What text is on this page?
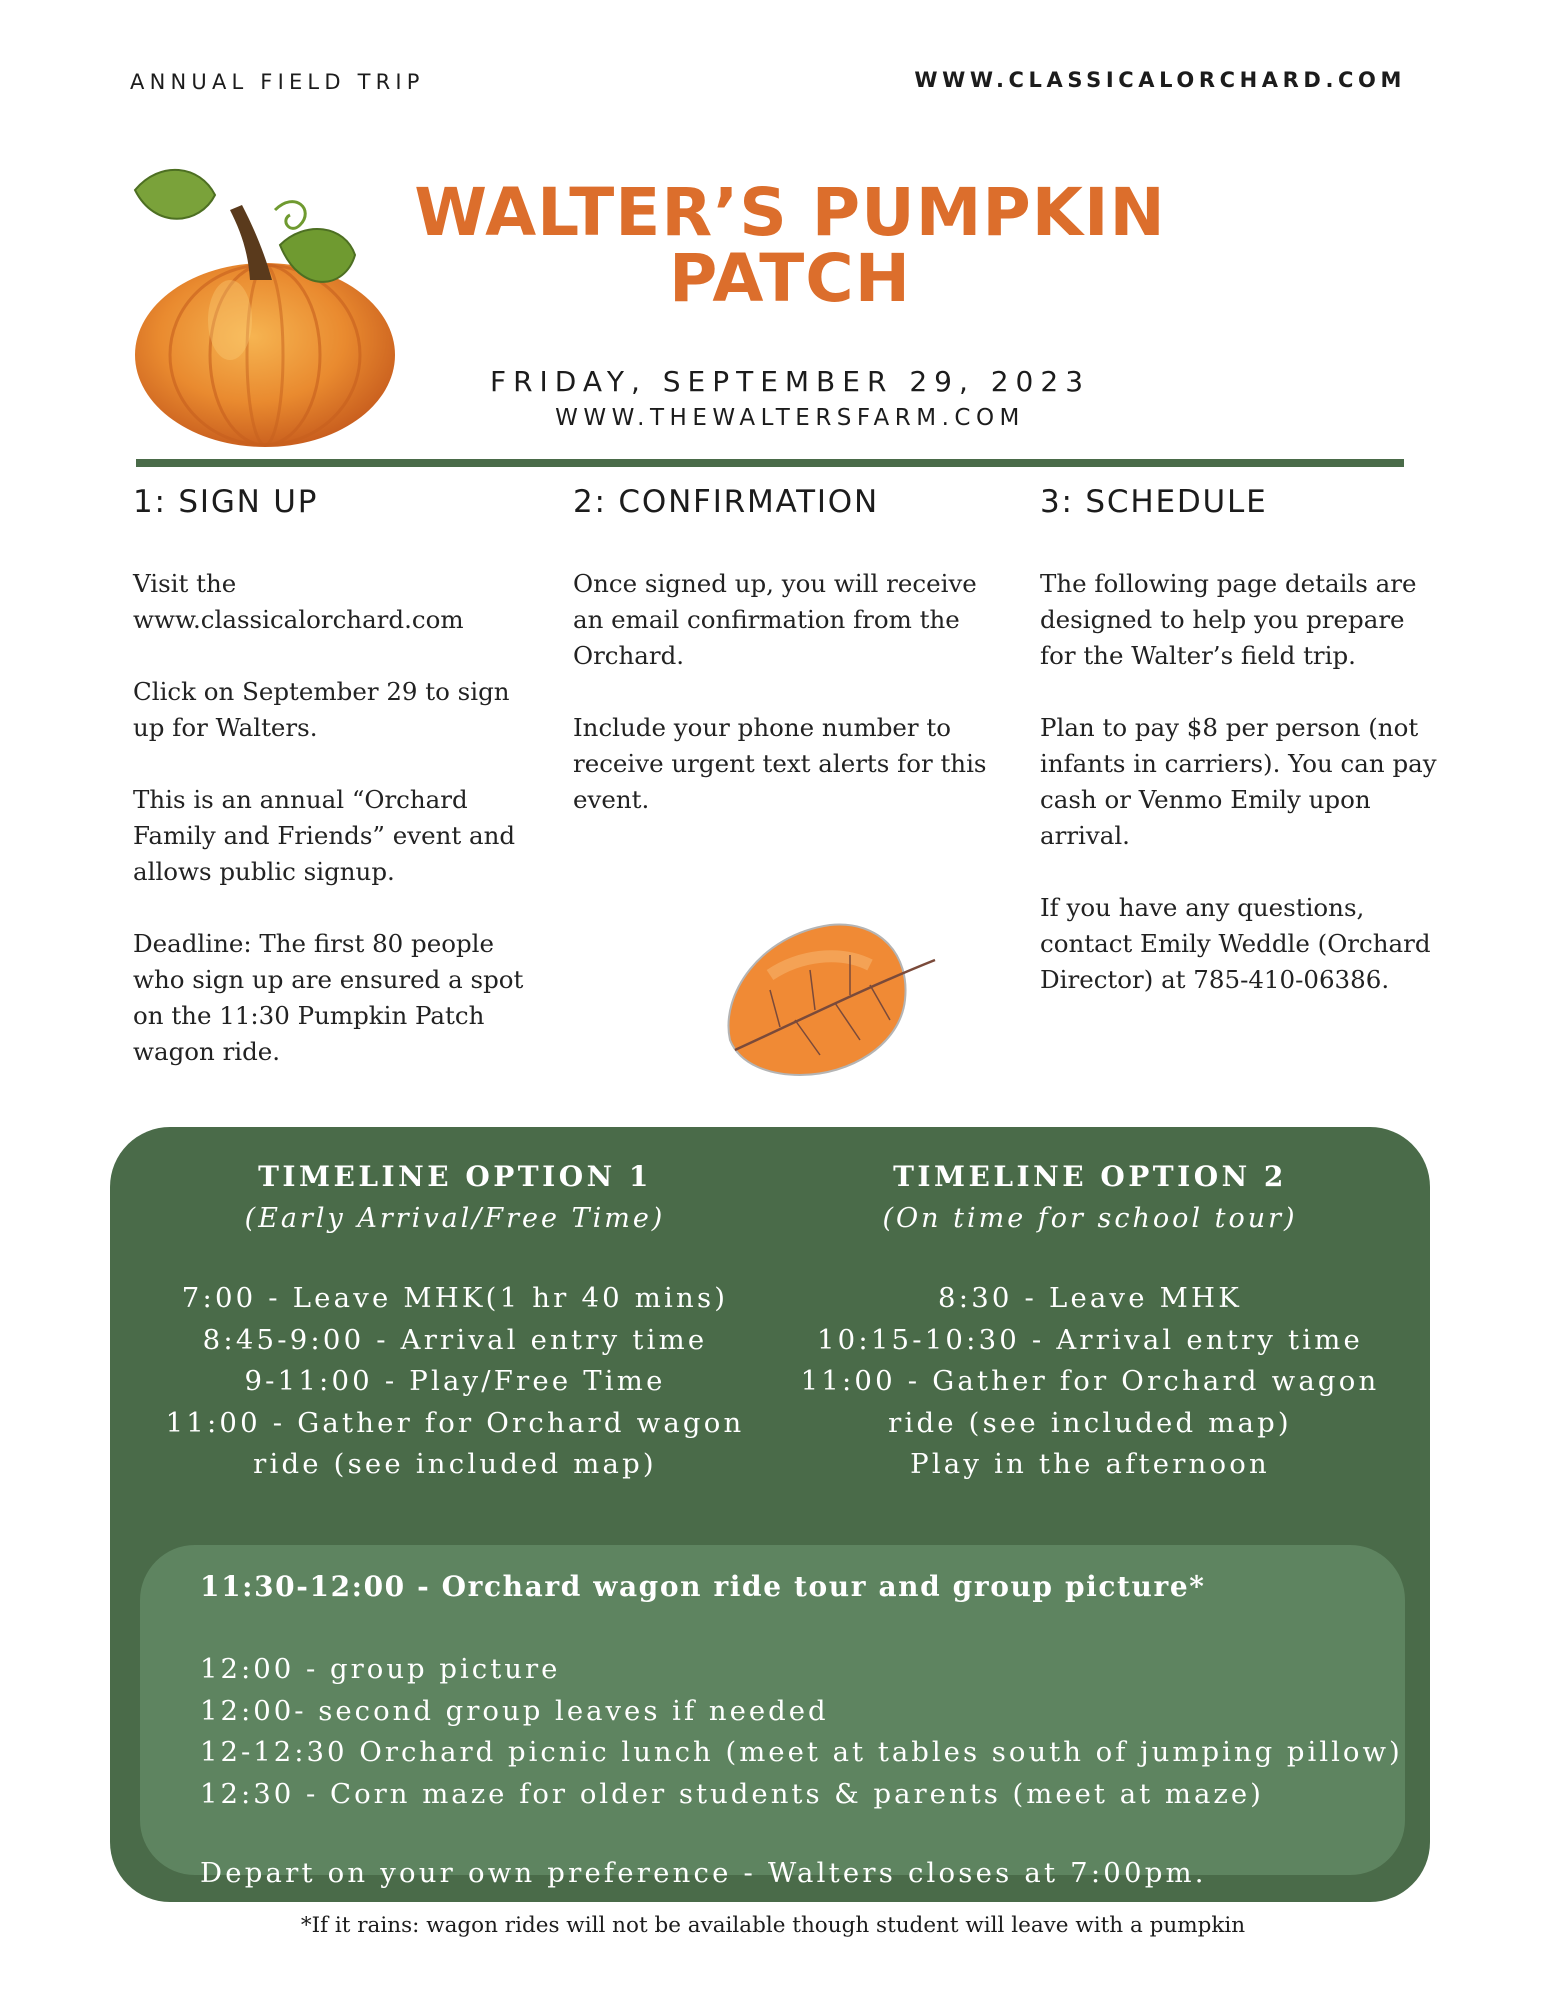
ANNUAL FIELD TRIP	WWW.CLASSICALORCHARD.COM
WALTER’S PUMPKIN
PATCH
FRIDAY, SEPTEMBER 29, 2023
WWW.THEWALTERSFARM.COM
1: SIGN UP	2: CONFIRMATION	3: SCHEDULE

Visit the www.classicalorchard.com

Click on September 29 to sign up for Walters.

This is an annual “Orchard Family and Friends” event and allows public signup.

Deadline: The first 80 people who sign up are ensured a spot on the 11:30 Pumpkin Patch wagon ride.

Once signed up, you will receive an email confirmation from the Orchard.

Include your phone number to receive urgent text alerts for this event.

The following page details are designed to help you prepare for the Walter’s field trip.

Plan to pay $8 per person (not infants in carriers). You can pay cash or Venmo Emily upon arrival.

If you have any questions, contact Emily Weddle (Orchard Director) at 785-410-06386.

TIMELINE OPTION 1
(Early Arrival/Free Time)
7:00 - Leave MHK(1 hr 40 mins)
8:45-9:00 - Arrival entry time
9-11:00 - Play/Free Time
11:00 - Gather for Orchard wagon
ride (see included map)
TIMELINE OPTION 2
(On time for school tour)
8:30 - Leave MHK
10:15-10:30 - Arrival entry time
11:00 - Gather for Orchard wagon
ride (see included map)
Play in the afternoon
11:30-12:00 - Orchard wagon ride tour and group picture*
12:00 - group picture
12:00- second group leaves if needed
12-12:30 Orchard picnic lunch (meet at tables south of jumping pillow)
12:30 - Corn maze for older students & parents (meet at maze)
Depart on your own preference - Walters closes at 7:00pm.
*If it rains: wagon rides will not be available though student will leave with a pumpkin
